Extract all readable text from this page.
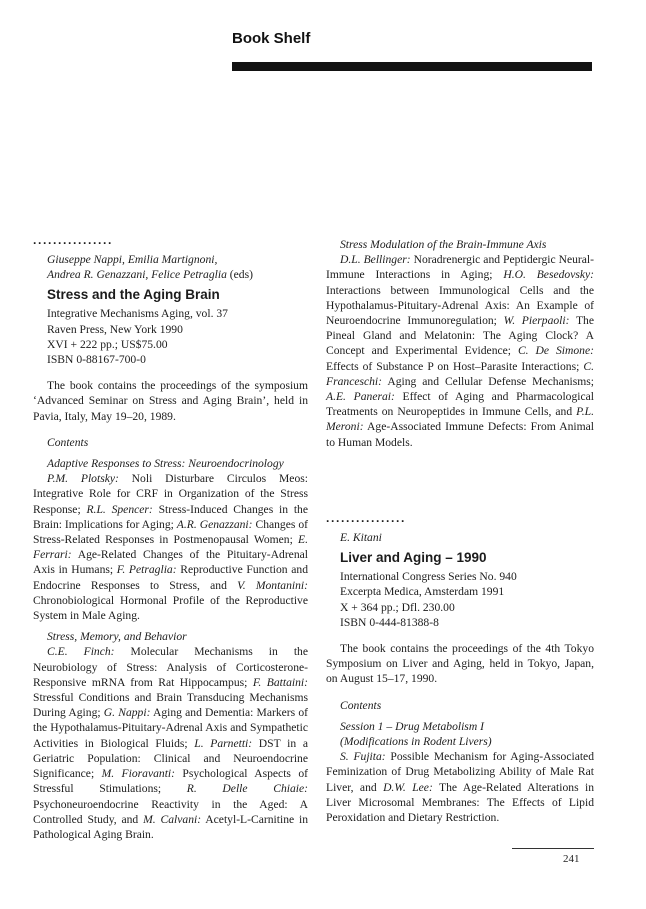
Book Shelf
················

Giuseppe Nappi, Emilia Martignoni,

Andrea R. Genazzani, Felice Petraglia (eds)

Stress and the Aging Brain

Integrative Mechanisms Aging, vol. 37

Raven Press, New York 1990

XVI + 222 pp.; US$75.00

ISBN 0-88167-700-0

The book contains the proceedings of the symposium ‘Advanced Seminar on Stress and Aging Brain’, held in Pavia, Italy, May 19–20, 1989.

Contents

Adaptive Responses to Stress: Neuroendocrinology

P.M. Plotsky: Noli Disturbare Circulos Meos: Integrative Role for CRF in Organization of the Stress Response; R.L. Spencer: Stress-Induced Changes in the Brain: Implications for Aging; A.R. Genazzani: Changes of Stress-Related Responses in Postmenopausal Women; E. Ferrari: Age-Related Changes of the Pituitary-Adrenal Axis in Humans; F. Petraglia: Reproductive Function and Endocrine Responses to Stress, and V. Montanini: Chronobiological Hormonal Profile of the Reproductive System in Male Aging.

Stress, Memory, and Behavior

C.E. Finch: Molecular Mechanisms in the Neurobiology of Stress: Analysis of Corticosterone-Responsive mRNA from Rat Hippocampus; F. Battaini: Stressful Conditions and Brain Transducing Mechanisms During Aging; G. Nappi: Aging and Dementia: Markers of the Hypothalamus-Pituitary-Adrenal Axis and Sympathetic Activities in Biological Fluids; L. Parnetti: DST in a Geriatric Population: Clinical and Neuroendocrine Significance; M. Fioravanti: Psychological Aspects of Stressful Stimulations; R. Delle Chiaie: Psychoneuroendocrine Reactivity in the Aged: A Controlled Study, and M. Calvani: Acetyl-L-Carnitine in Pathological Aging Brain.

Stress Modulation of the Brain-Immune Axis

D.L. Bellinger: Noradrenergic and Peptidergic Neural-Immune Interactions in Aging; H.O. Besedovsky: Interactions between Immunological Cells and the Hypothalamus-Pituitary-Adrenal Axis: An Example of Neuroendocrine Immunoregulation; W. Pierpaoli: The Pineal Gland and Melatonin: The Aging Clock? A Concept and Experimental Evidence; C. De Simone: Effects of Substance P on Host–Parasite Interactions; C. Franceschi: Aging and Cellular Defense Mechanisms; A.E. Panerai: Effect of Aging and Pharmacological Treatments on Neuropeptides in Immune Cells, and P.L. Meroni: Age-Associated Immune Defects: From Animal to Human Models.

················

E. Kitani

Liver and Aging – 1990

International Congress Series No. 940

Excerpta Medica, Amsterdam 1991

X + 364 pp.; Dfl. 230.00

ISBN 0-444-81388-8

The book contains the proceedings of the 4th Tokyo Symposium on Liver and Aging, held in Tokyo, Japan, on August 15–17, 1990.

Contents

Session 1 – Drug Metabolism I

(Modifications in Rodent Livers)

S. Fujita: Possible Mechanism for Aging-Associated Feminization of Drug Metabolizing Ability of Male Rat Liver, and D.W. Lee: The Age-Related Alterations in Liver Microsomal Membranes: The Effects of Lipid Peroxidation and Dietary Restriction.

241
